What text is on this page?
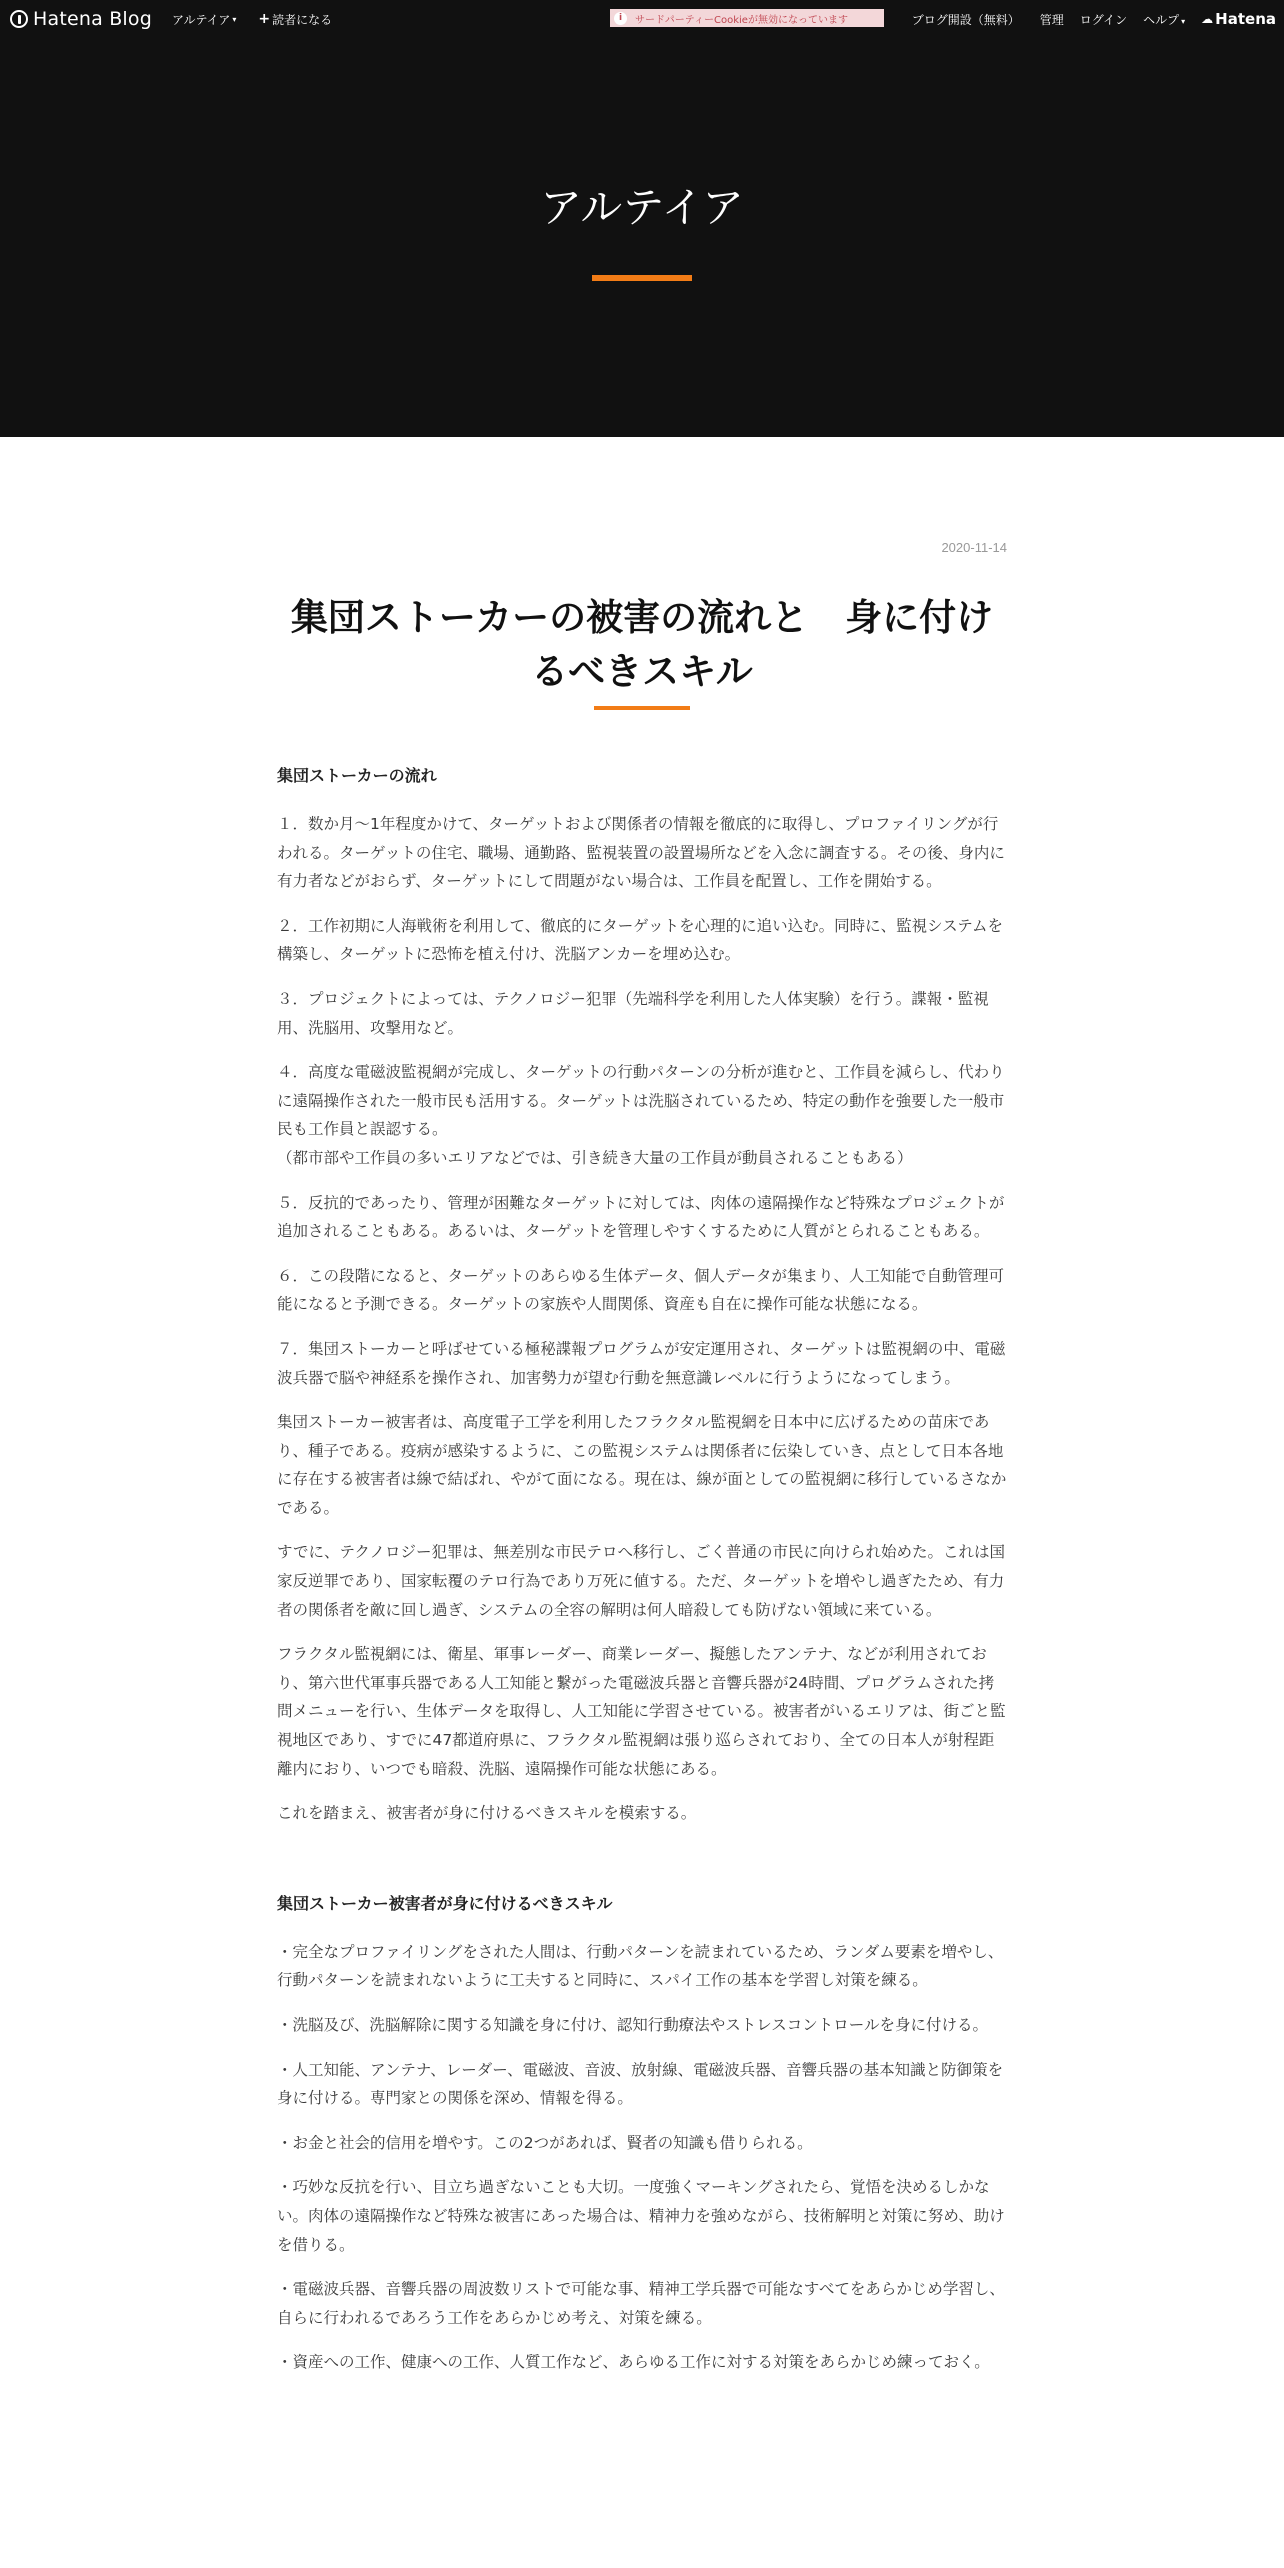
Hatena Blog アルテイア ▾ + 読者になる	i	サードパーティーCookieが無効になっています	ブログ開設（無料） 管理 ログイン ヘルプ ▾ ☁ Hatena
アルテイア
2020-11-14
集団ストーカーの被害の流れと　身に付けるべきスキル
集団ストーカーの流れ

１．数か月～1年程度かけて、ターゲットおよび関係者の情報を徹底的に取得し、プロファイリングが行われる。ターゲットの住宅、職場、通勤路、監視装置の設置場所などを入念に調査する。その後、身内に有力者などがおらず、ターゲットにして問題がない場合は、工作員を配置し、工作を開始する。

２．工作初期に人海戦術を利用して、徹底的にターゲットを心理的に追い込む。同時に、監視システムを構築し、ターゲットに恐怖を植え付け、洗脳アンカーを埋め込む。

３．プロジェクトによっては、テクノロジー犯罪（先端科学を利用した人体実験）を行う。諜報・監視用、洗脳用、攻撃用など。

４．高度な電磁波監視網が完成し、ターゲットの行動パターンの分析が進むと、工作員を減らし、代わりに遠隔操作された一般市民も活用する。ターゲットは洗脳されているため、特定の動作を強要した一般市民も工作員と誤認する。
（都市部や工作員の多いエリアなどでは、引き続き大量の工作員が動員されることもある）

５．反抗的であったり、管理が困難なターゲットに対しては、肉体の遠隔操作など特殊なプロジェクトが追加されることもある。あるいは、ターゲットを管理しやすくするために人質がとられることもある。

６．この段階になると、ターゲットのあらゆる生体データ、個人データが集まり、人工知能で自動管理可能になると予測できる。ターゲットの家族や人間関係、資産も自在に操作可能な状態になる。

７．集団ストーカーと呼ばせている極秘諜報プログラムが安定運用され、ターゲットは監視網の中、電磁波兵器で脳や神経系を操作され、加害勢力が望む行動を無意識レベルに行うようになってしまう。

集団ストーカー被害者は、高度電子工学を利用したフラクタル監視網を日本中に広げるための苗床であり、種子である。疫病が感染するように、この監視システムは関係者に伝染していき、点として日本各地に存在する被害者は線で結ばれ、やがて面になる。現在は、線が面としての監視網に移行しているさなかである。

すでに、テクノロジー犯罪は、無差別な市民テロへ移行し、ごく普通の市民に向けられ始めた。これは国家反逆罪であり、国家転覆のテロ行為であり万死に値する。ただ、ターゲットを増やし過ぎたため、有力者の関係者を敵に回し過ぎ、システムの全容の解明は何人暗殺しても防げない領域に来ている。

フラクタル監視網には、衛星、軍事レーダー、商業レーダー、擬態したアンテナ、などが利用されており、第六世代軍事兵器である人工知能と繋がった電磁波兵器と音響兵器が24時間、プログラムされた拷問メニューを行い、生体データを取得し、人工知能に学習させている。被害者がいるエリアは、街ごと監視地区であり、すでに47都道府県に、フラクタル監視網は張り巡らされており、全ての日本人が射程距離内におり、いつでも暗殺、洗脳、遠隔操作可能な状態にある。

これを踏まえ、被害者が身に付けるべきスキルを模索する。

集団ストーカー被害者が身に付けるべきスキル

・完全なプロファイリングをされた人間は、行動パターンを読まれているため、ランダム要素を増やし、行動パターンを読まれないように工夫すると同時に、スパイ工作の基本を学習し対策を練る。

・洗脳及び、洗脳解除に関する知識を身に付け、認知行動療法やストレスコントロールを身に付ける。

・人工知能、アンテナ、レーダー、電磁波、音波、放射線、電磁波兵器、音響兵器の基本知識と防御策を身に付ける。専門家との関係を深め、情報を得る。

・お金と社会的信用を増やす。この2つがあれば、賢者の知識も借りられる。

・巧妙な反抗を行い、目立ち過ぎないことも大切。一度強くマーキングされたら、覚悟を決めるしかない。肉体の遠隔操作など特殊な被害にあった場合は、精神力を強めながら、技術解明と対策に努め、助けを借りる。

・電磁波兵器、音響兵器の周波数リストで可能な事、精神工学兵器で可能なすべてをあらかじめ学習し、自らに行われるであろう工作をあらかじめ考え、対策を練る。

・資産への工作、健康への工作、人質工作など、あらゆる工作に対する対策をあらかじめ練っておく。
